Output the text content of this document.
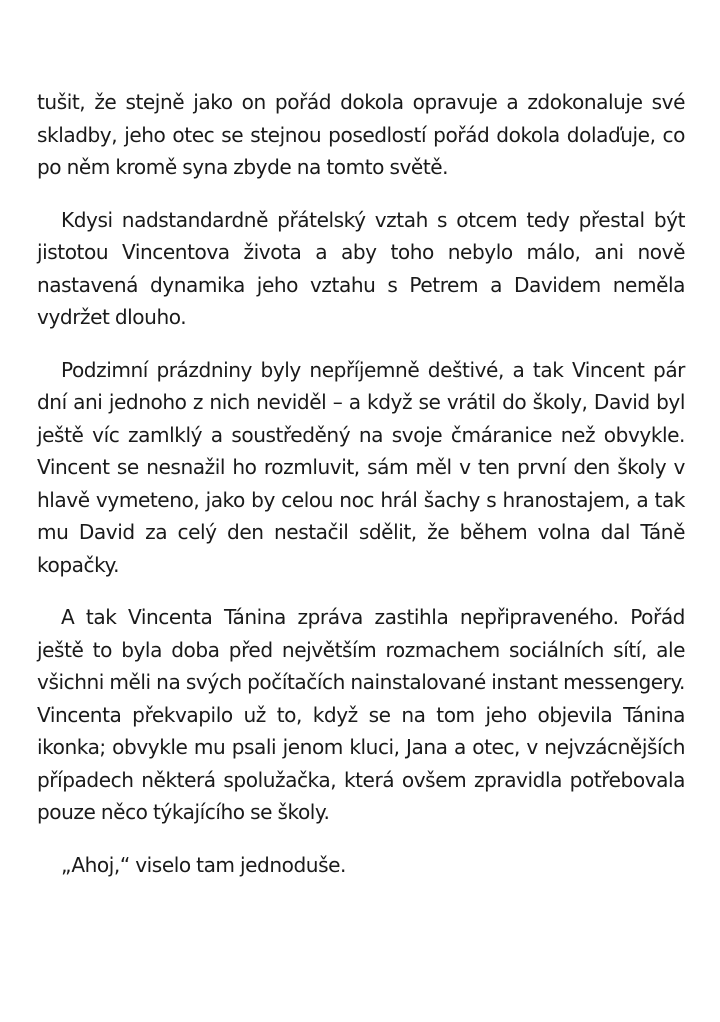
tušit, že stejně jako on pořád dokola opravuje a zdokonaluje své skladby, jeho otec se stejnou posedlostí pořád dokola dolaďuje, co po něm kromě syna zbyde na tomto světě.

Kdysi nadstandardně přátelský vztah s otcem tedy přestal být jistotou Vincentova života a aby toho nebylo málo, ani nově nastavená dynamika jeho vztahu s Petrem a Davidem neměla vydržet dlouho.

Podzimní prázdniny byly nepříjemně deštivé, a tak Vincent pár dní ani jednoho z nich neviděl – a když se vrátil do školy, David byl ještě víc zamlklý a soustředěný na svoje čmáranice než obvykle. Vincent se nesnažil ho rozmluvit, sám měl v ten první den školy v hlavě vymeteno, jako by celou noc hrál šachy s hranostajem, a tak mu David za celý den nestačil sdělit, že během volna dal Táně kopačky.

A tak Vincenta Tánina zpráva zastihla nepřipraveného. Pořád ještě to byla doba před největším rozmachem sociálních sítí, ale všichni měli na svých počítačích nainstalované instant messengery. Vincenta překvapilo už to, když se na tom jeho objevila Tánina ikonka; obvykle mu psali jenom kluci, Jana a otec, v nejvzácnějších případech některá spolužačka, která ovšem zpravidla potřebovala pouze něco týkajícího se školy.

„Ahoj,“ viselo tam jednoduše.
